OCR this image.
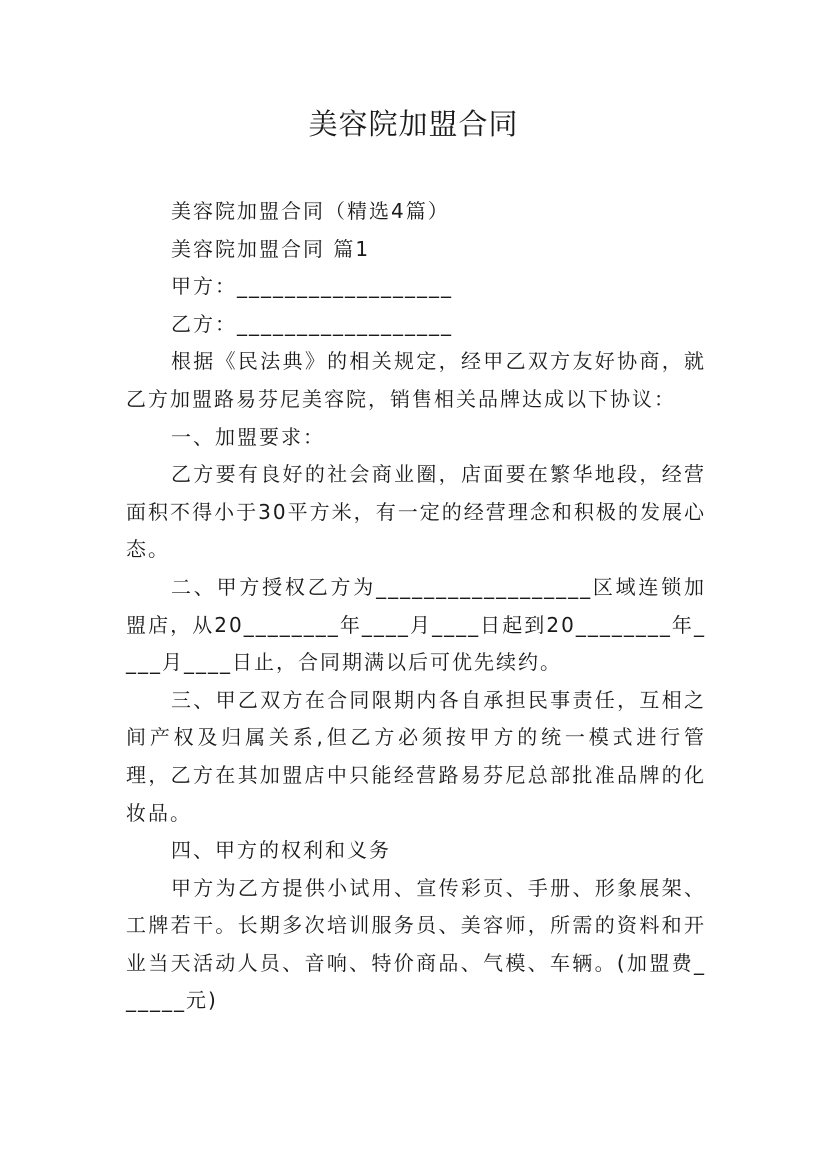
美容院加盟合同

美容院加盟合同（精选4篇）

美容院加盟合同 篇1

甲方：__________________

乙方：__________________

根据《民法典》的相关规定，经甲乙双方友好协商，就乙方加盟路易芬尼美容院，销售相关品牌达成以下协议：

一、加盟要求：

乙方要有良好的社会商业圈，店面要在繁华地段，经营面积不得小于30平方米，有一定的经营理念和积极的发展心态。

二、甲方授权乙方为__________________区域连锁加盟店，从20________年____月____日起到20________年____月____日止，合同期满以后可优先续约。

三、甲乙双方在合同限期内各自承担民事责任，互相之间产权及归属关系,但乙方必须按甲方的统一模式进行管理，乙方在其加盟店中只能经营路易芬尼总部批准品牌的化妆品。

四、甲方的权利和义务

甲方为乙方提供小试用、宣传彩页、手册、形象展架、工牌若干。长期多次培训服务员、美容师，所需的资料和开业当天活动人员、音响、特价商品、气模、车辆。(加盟费______元)
